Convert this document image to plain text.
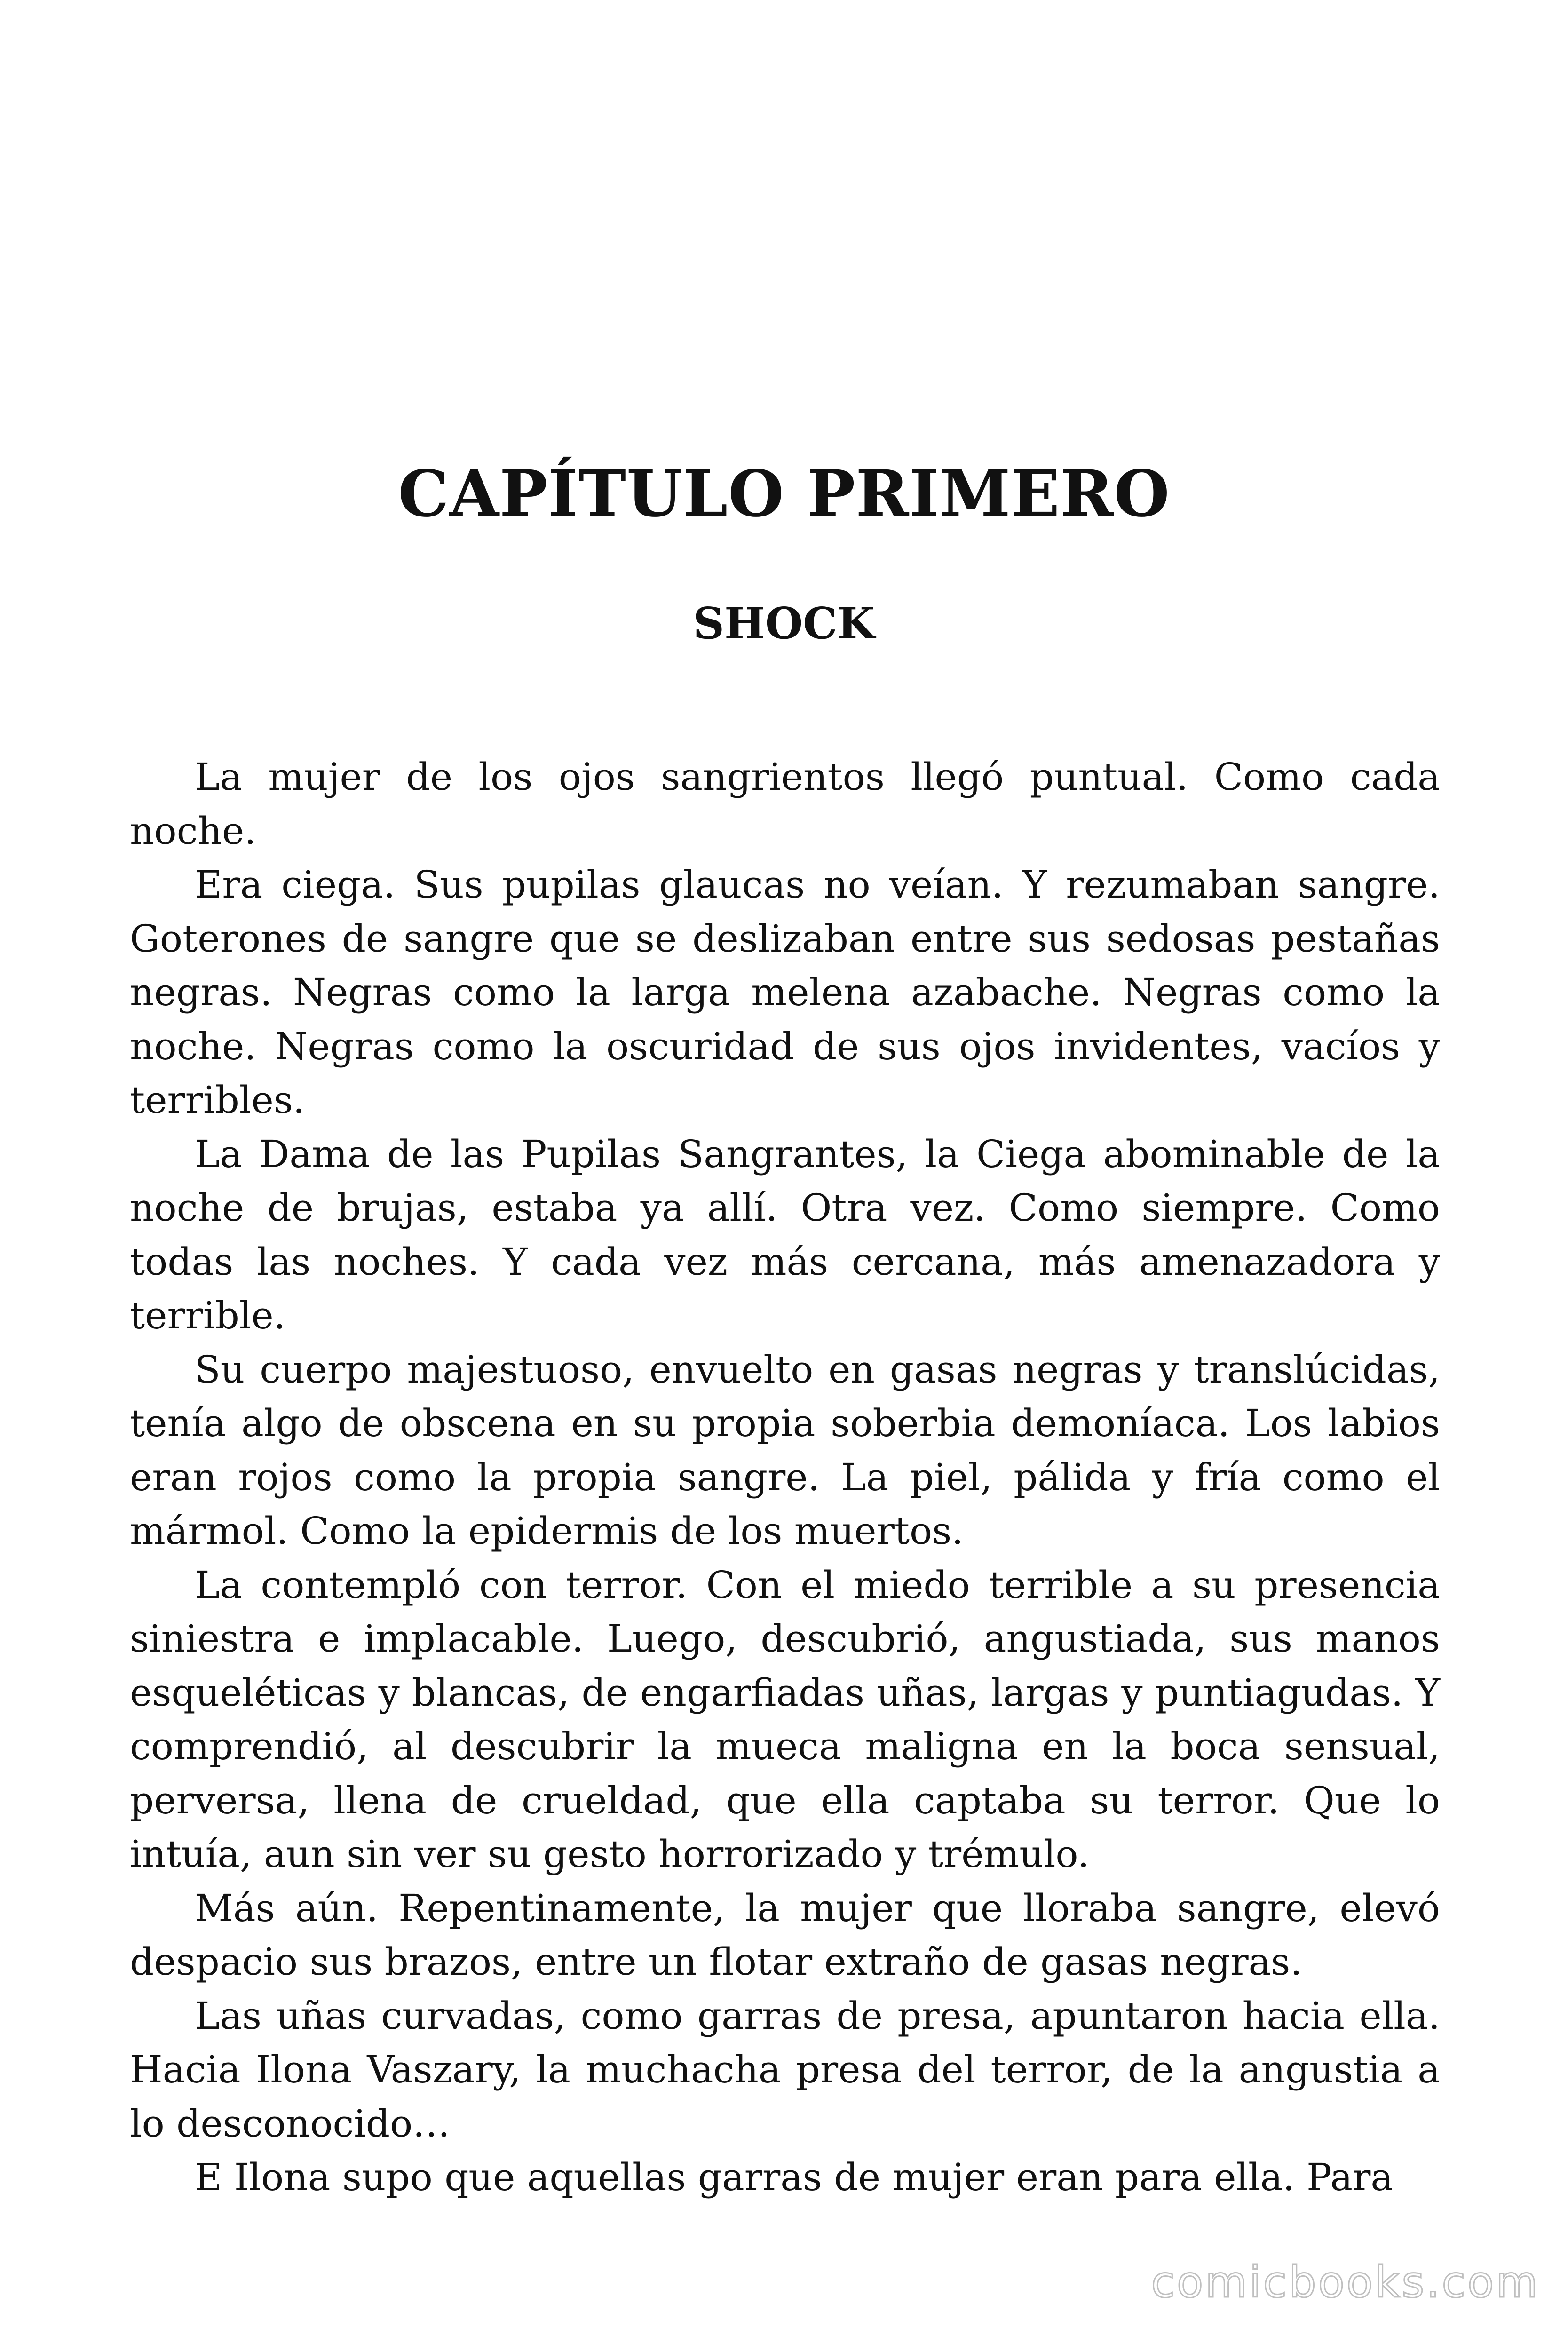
CAPÍTULO PRIMERO
SHOCK

La mujer de los ojos sangrientos llegó puntual. Como cada noche.

Era ciega. Sus pupilas glaucas no veían. Y rezumaban sangre. Goterones de sangre que se deslizaban entre sus sedosas pestañas negras. Negras como la larga melena azabache. Negras como la noche. Negras como la oscuridad de sus ojos invidentes, vacíos y terribles.

La Dama de las Pupilas Sangrantes, la Ciega abominable de la noche de brujas, estaba ya allí. Otra vez. Como siempre. Como todas las noches. Y cada vez más cercana, más amenazadora y terrible.

Su cuerpo majestuoso, envuelto en gasas negras y translúcidas, tenía algo de obscena en su propia soberbia demoníaca. Los labios eran rojos como la propia sangre. La piel, pálida y fría como el mármol. Como la epidermis de los muertos.

La contempló con terror. Con el miedo terrible a su presencia siniestra e implacable. Luego, descubrió, angustiada, sus manos esqueléticas y blancas, de engarfiadas uñas, largas y puntiagudas. Y comprendió, al descubrir la mueca maligna en la boca sensual, perversa, llena de crueldad, que ella captaba su terror. Que lo intuía, aun sin ver su gesto horrorizado y trémulo.

Más aún. Repentinamente, la mujer que lloraba sangre, elevó despacio sus brazos, entre un flotar extraño de gasas negras.

Las uñas curvadas, como garras de presa, apuntaron hacia ella. Hacia Ilona Vaszary, la muchacha presa del terror, de la angustia a lo desconocido…

E Ilona supo que aquellas garras de mujer eran para ella. Para

comicbooks.com
